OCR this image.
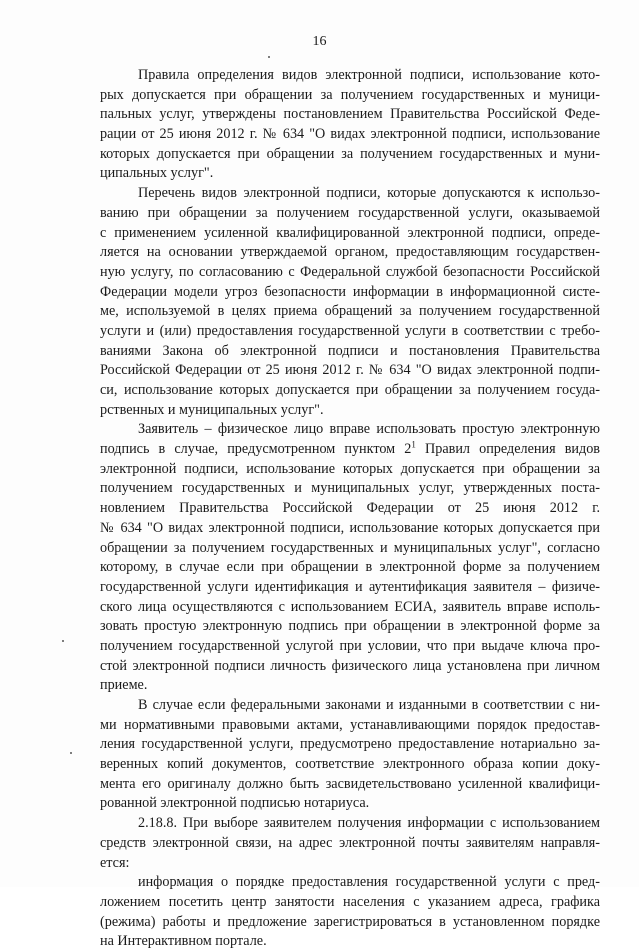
16
Правила определения видов электронной подписи, использование кото-
рых допускается при обращении за получением государственных и муници-
пальных услуг, утверждены постановлением Правительства Российской Феде-
рации от 25 июня 2012 г. № 634 "О видах электронной подписи, использование
которых допускается при обращении за получением государственных и муни-
ципальных услуг".
Перечень видов электронной подписи, которые допускаются к использо-
ванию при обращении за получением государственной услуги, оказываемой
с применением усиленной квалифицированной электронной подписи, опреде-
ляется на основании утверждаемой органом, предоставляющим государствен-
ную услугу, по согласованию с Федеральной службой безопасности Российской
Федерации модели угроз безопасности информации в информационной систе-
ме, используемой в целях приема обращений за получением государственной
услуги и (или) предоставления государственной услуги в соответствии с требо-
ваниями Закона об электронной подписи и постановления Правительства
Российской Федерации от 25 июня 2012 г. № 634 "О видах электронной подпи-
си, использование которых допускается при обращении за получением госуда-
рственных и муниципальных услуг".
Заявитель – физическое лицо вправе использовать простую электронную
подпись в случае, предусмотренном пунктом $2^1$ Правил определения видов
электронной подписи, использование которых допускается при обращении за
получением государственных и муниципальных услуг, утвержденных поста-
новлением Правительства Российской Федерации от 25 июня 2012 г.
№ 634 "О видах электронной подписи, использование которых допускается при
обращении за получением государственных и муниципальных услуг", согласно
которому, в случае если при обращении в электронной форме за получением
государственной услуги идентификация и аутентификация заявителя – физиче-
ского лица осуществляются с использованием ЕСИА, заявитель вправе исполь-
зовать простую электронную подпись при обращении в электронной форме за
получением государственной услугой при условии, что при выдаче ключа про-
стой электронной подписи личность физического лица установлена при личном
приеме.
В случае если федеральными законами и изданными в соответствии с ни-
ми нормативными правовыми актами, устанавливающими порядок предостав-
ления государственной услуги, предусмотрено предоставление нотариально за-
веренных копий документов, соответствие электронного образа копии доку-
мента его оригиналу должно быть засвидетельствовано усиленной квалифици-
рованной электронной подписью нотариуса.
2.18.8. При выборе заявителем получения информации с использованием
средств электронной связи, на адрес электронной почты заявителям направля-
ется:
информация о порядке предоставления государственной услуги с пред-
ложением посетить центр занятости населения с указанием адреса, графика
(режима) работы и предложение зарегистрироваться в установленном порядке
на Интерактивном портале.
